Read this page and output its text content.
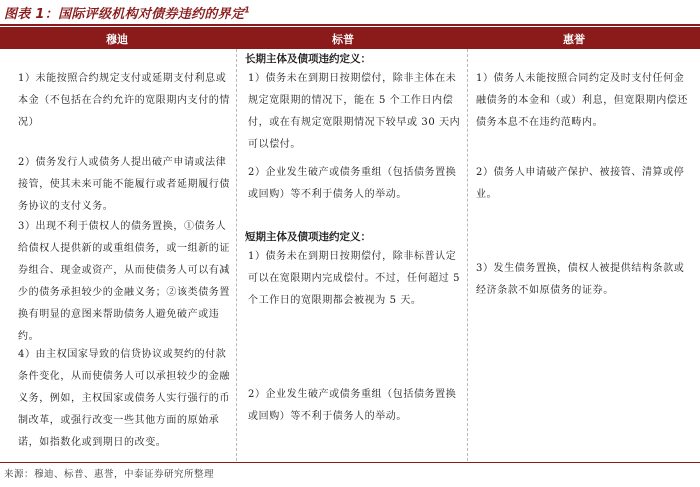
图表 1：国际评级机构对债券违约的界定$^1$
穆迪	标普	惠誉
1）未能按照合约规定支付或延期支付利息或本金（不包括在合约允许的宽限期内支付的情况）
2）债务发行人或债务人提出破产申请或法律接管，使其未来可能不能履行或者延期履行债务协议的支付义务。
3）出现不利于债权人的债务置换，①债务人给债权人提供新的或重组债务，或一组新的证券组合、现金或资产，从而使债务人可以有减少的债务承担较少的金融义务；②该类债务置换有明显的意图来帮助债务人避免破产或违约。
4）由主权国家导致的信贷协议或契约的付款条件变化，从而使债务人可以承担较少的金融义务，例如，主权国家或债务人实行强行的币制改革，或强行改变一些其他方面的原始承诺，如指数化或到期日的改变。
长期主体及债项违约定义：
1）债务未在到期日按期偿付，除非主体在未规定宽限期的情况下，能在 5 个工作日内偿付，或在有规定宽限期情况下较早或 30 天内可以偿付。
2）企业发生破产或债务重组（包括债务置换或回购）等不利于债务人的举动。
短期主体及债项违约定义：
1）债务未在到期日按期偿付，除非标普认定可以在宽限期内完成偿付。不过，任何超过 5 个工作日的宽限期都会被视为 5 天。
2）企业发生破产或债务重组（包括债务置换或回购）等不利于债务人的举动。
1）债务人未能按照合同约定及时支付任何金融债务的本金和（或）利息，但宽限期内偿还债务本息不在违约范畴内。
2）债务人申请破产保护、被接管、清算或停业。
3）发生债务置换，债权人被提供结构条款或经济条款不如原债务的证券。
来源：穆迪、标普、惠誉，中泰证券研究所整理
